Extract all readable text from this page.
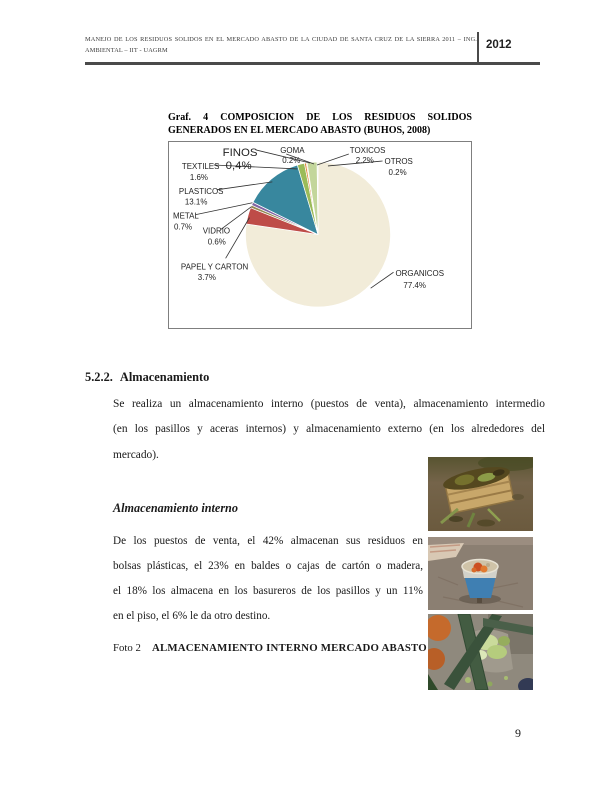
MANEJO DE LOS RESIDUOS SOLIDOS EN EL MERCADO ABASTO DE LA CIUDAD DE SANTA CRUZ DE LA SIERRA 2011 – ING.
AMBIENTAL – IIT - UAGRM	2012
Graf. 4 COMPOSICION DE LOS RESIDUOS SOLIDOS
GENERADOS EN EL MERCADO ABASTO (BUHOS, 2008)
ORGANICOS
77.4%
PAPEL Y CARTON
3.7%
VIDRIO
0.6%
METAL
0.7%
PLASTICOS
13.1%
TEXTILES
1.6%
FINOS
0,4%
GOMA
0.2%
TOXICOS
2.2% OTROS
0.2%
5.2.2. Almacenamiento
Se realiza un almacenamiento interno (puestos de venta), almacenamiento intermedio
(en los pasillos y aceras internos) y almacenamiento externo (en los alrededores del
mercado).
Almacenamiento interno
De los puestos de venta, el 42% almacenan sus residuos en
bolsas plásticas, el 23% en baldes o cajas de cartón o madera,
el 18% los almacena en los basureros de los pasillos y un 11%
en el piso, el 6% le da otro destino.
Foto 2	ALMACENAMIENTO INTERNO MERCADO ABASTO
9
